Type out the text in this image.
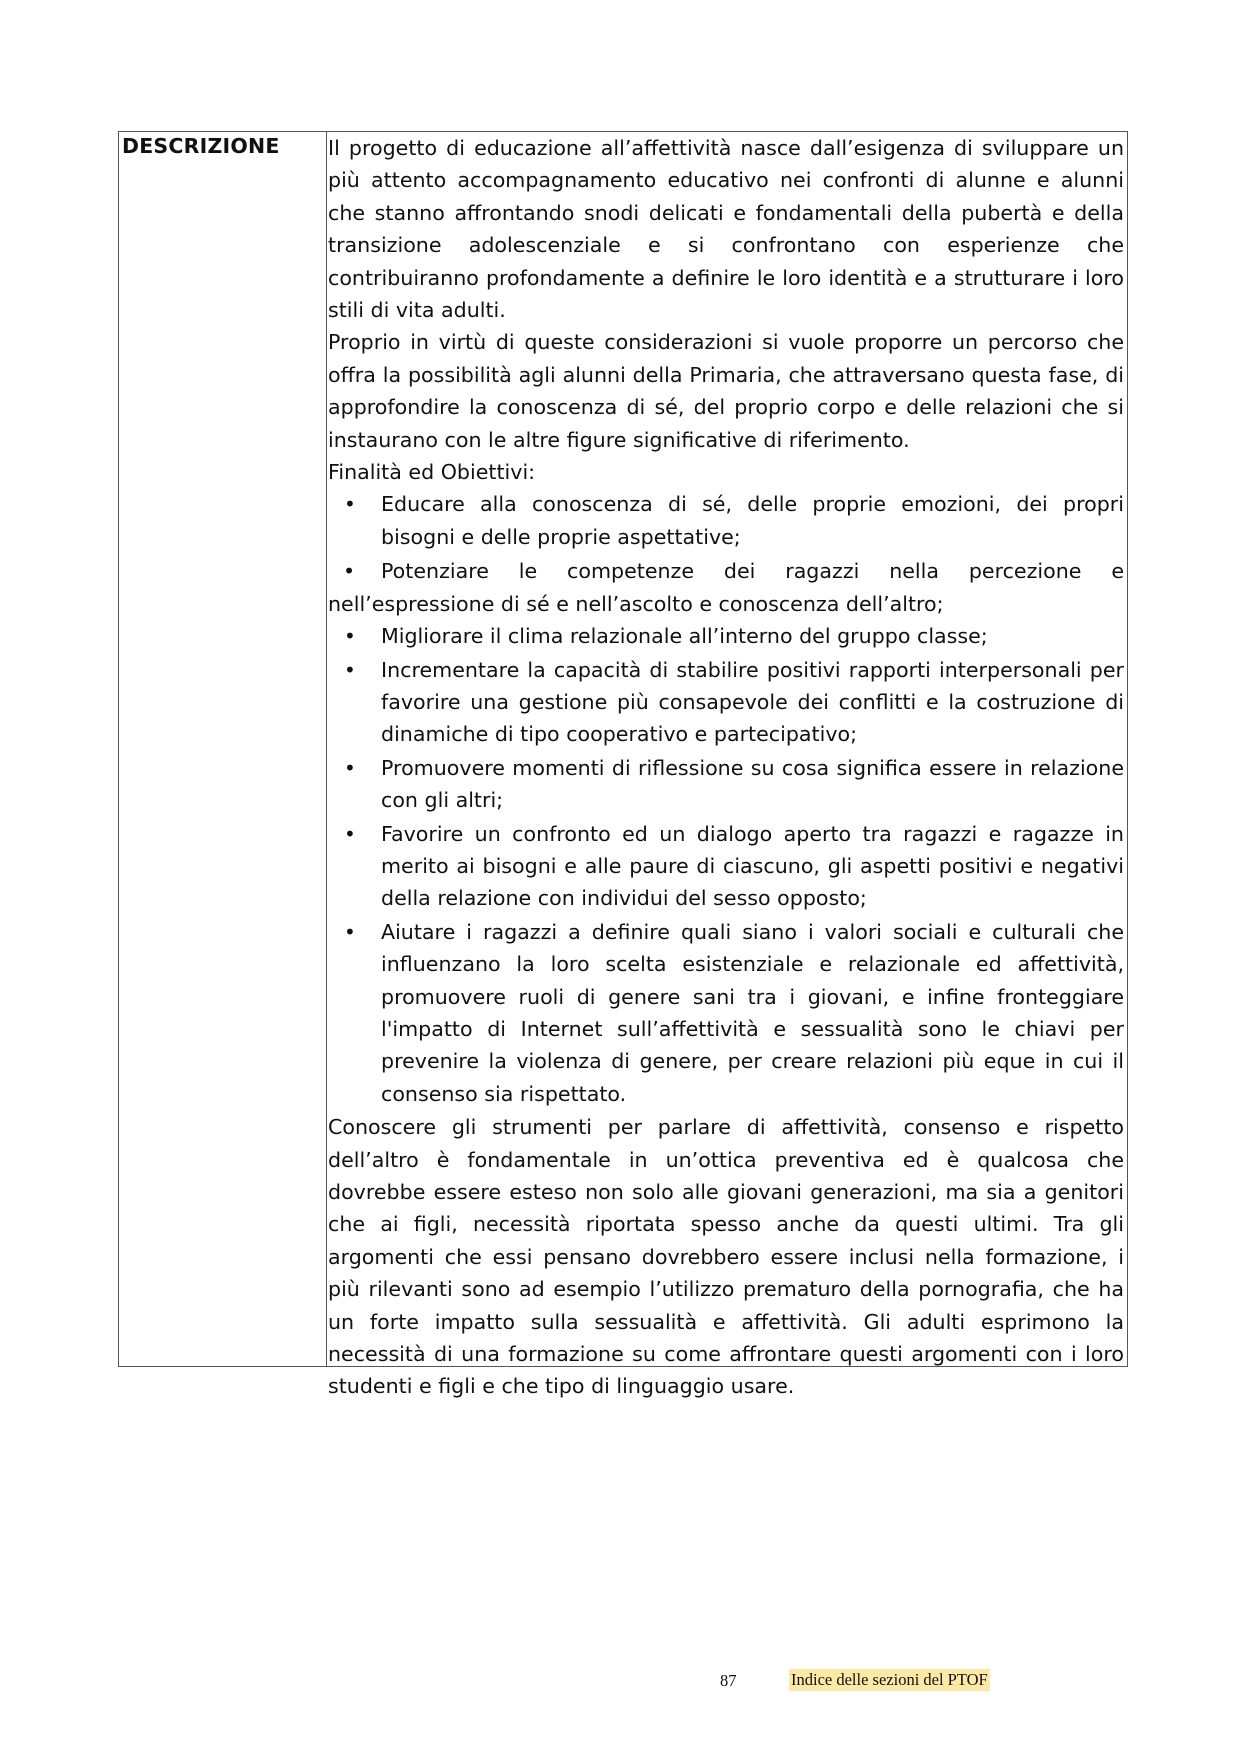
DESCRIZIONE	Il progetto di educazione all’affettività nasce dall’esigenza di sviluppare un più attento accompagnamento educativo nei confronti di alunne e alunni che stanno affrontando snodi delicati e fondamentali della pubertà e della transizione adolescenziale e si confrontano con esperienze che contribuiranno profondamente a definire le loro identità e a strutturare i loro stili di vita adulti.

Proprio in virtù di queste considerazioni si vuole proporre un percorso che offra la possibilità agli alunni della Primaria, che attraversano questa fase, di approfondire la conoscenza di sé, del proprio corpo e delle relazioni che si instaurano con le altre figure significative di riferimento.

Finalità ed Obiettivi:

• Educare alla conoscenza di sé, delle proprie emozioni, dei propri bisogni e delle proprie aspettative;

• Potenziare le competenze dei ragazzi nella percezione e nell’espressione di sé e nell’ascolto e conoscenza dell’altro;

• Migliorare il clima relazionale all’interno del gruppo classe;
• Incrementare la capacità di stabilire positivi rapporti interpersonali per favorire una gestione più consapevole dei conflitti e la costruzione di dinamiche di tipo cooperativo e partecipativo;
• Promuovere momenti di riflessione su cosa significa essere in relazione con gli altri;
• Favorire un confronto ed un dialogo aperto tra ragazzi e ragazze in merito ai bisogni e alle paure di ciascuno, gli aspetti positivi e negativi della relazione con individui del sesso opposto;
• Aiutare i ragazzi a definire quali siano i valori sociali e culturali che influenzano la loro scelta esistenziale e relazionale ed affettività, promuovere ruoli di genere sani tra i giovani, e infine fronteggiare l'impatto di Internet sull’affettività e sessualità sono le chiavi per prevenire la violenza di genere, per creare relazioni più eque in cui il consenso sia rispettato.

Conoscere gli strumenti per parlare di affettività, consenso e rispetto dell’altro è fondamentale in un’ottica preventiva ed è qualcosa che dovrebbe essere esteso non solo alle giovani generazioni, ma sia a genitori che ai figli, necessità riportata spesso anche da questi ultimi. Tra gli argomenti che essi pensano dovrebbero essere inclusi nella formazione, i più rilevanti sono ad esempio l’utilizzo prematuro della pornografia, che ha un forte impatto sulla sessualità e affettività. Gli adulti esprimono la necessità di una formazione su come affrontare questi argomenti con i loro studenti e figli e che tipo di linguaggio usare.

87	Indice delle sezioni del PTOF
